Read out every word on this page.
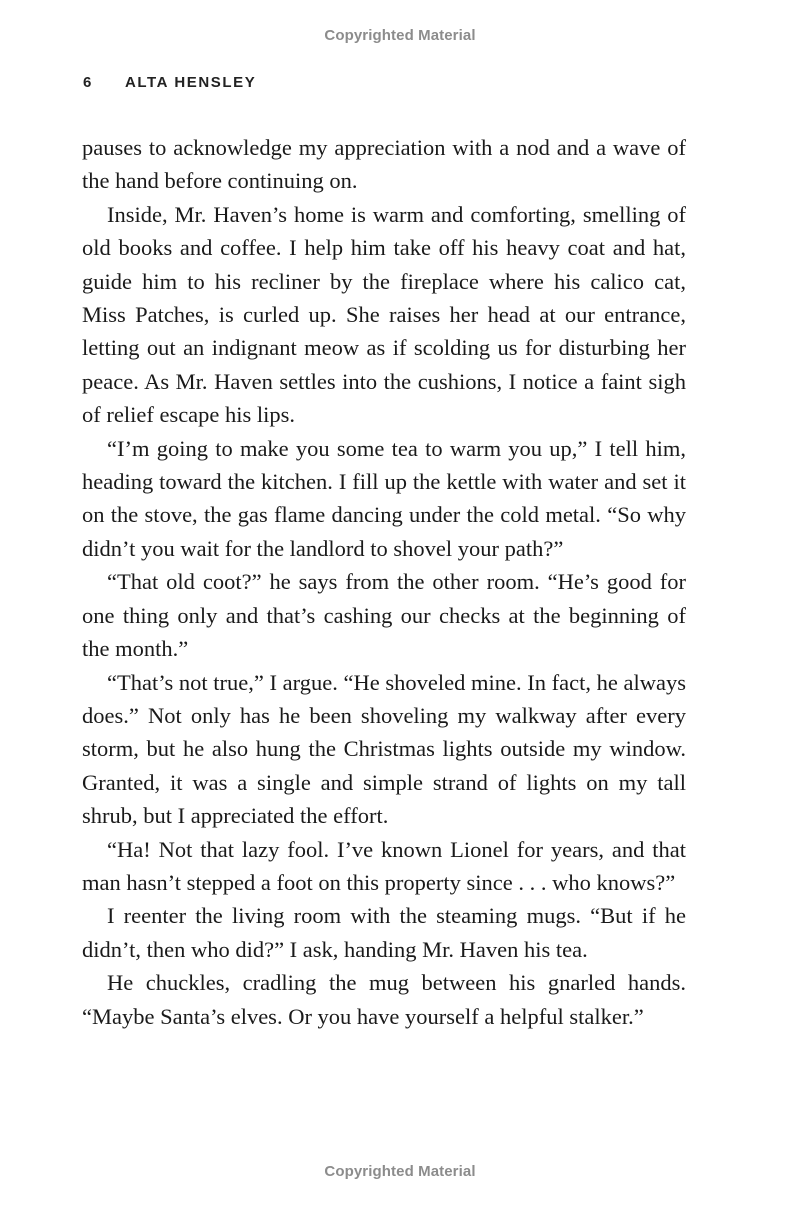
Copyrighted Material
6 ALTA HENSLEY

pauses to acknowledge my appreciation with a nod and a wave of the hand before continuing on.

Inside, Mr. Haven’s home is warm and comforting, smelling of old books and coffee. I help him take off his heavy coat and hat, guide him to his recliner by the fireplace where his calico cat, Miss Patches, is curled up. She raises her head at our entrance, letting out an indignant meow as if scolding us for disturbing her peace. As Mr. Haven settles into the cushions, I notice a faint sigh of relief escape his lips.

“I’m going to make you some tea to warm you up,” I tell him, heading toward the kitchen. I fill up the kettle with water and set it on the stove, the gas flame dancing under the cold metal. “So why didn’t you wait for the landlord to shovel your path?”

“That old coot?” he says from the other room. “He’s good for one thing only and that’s cashing our checks at the beginning of the month.”

“That’s not true,” I argue. “He shoveled mine. In fact, he always does.” Not only has he been shoveling my walkway after every storm, but he also hung the Christmas lights outside my window. Granted, it was a single and simple strand of lights on my tall shrub, but I appreciated the effort.

“Ha! Not that lazy fool. I’ve known Lionel for years, and that man hasn’t stepped a foot on this property since . . . who knows?”

I reenter the living room with the steaming mugs. “But if he didn’t, then who did?” I ask, handing Mr. Haven his tea.

He chuckles, cradling the mug between his gnarled hands. “Maybe Santa’s elves. Or you have yourself a helpful stalker.”

Copyrighted Material
